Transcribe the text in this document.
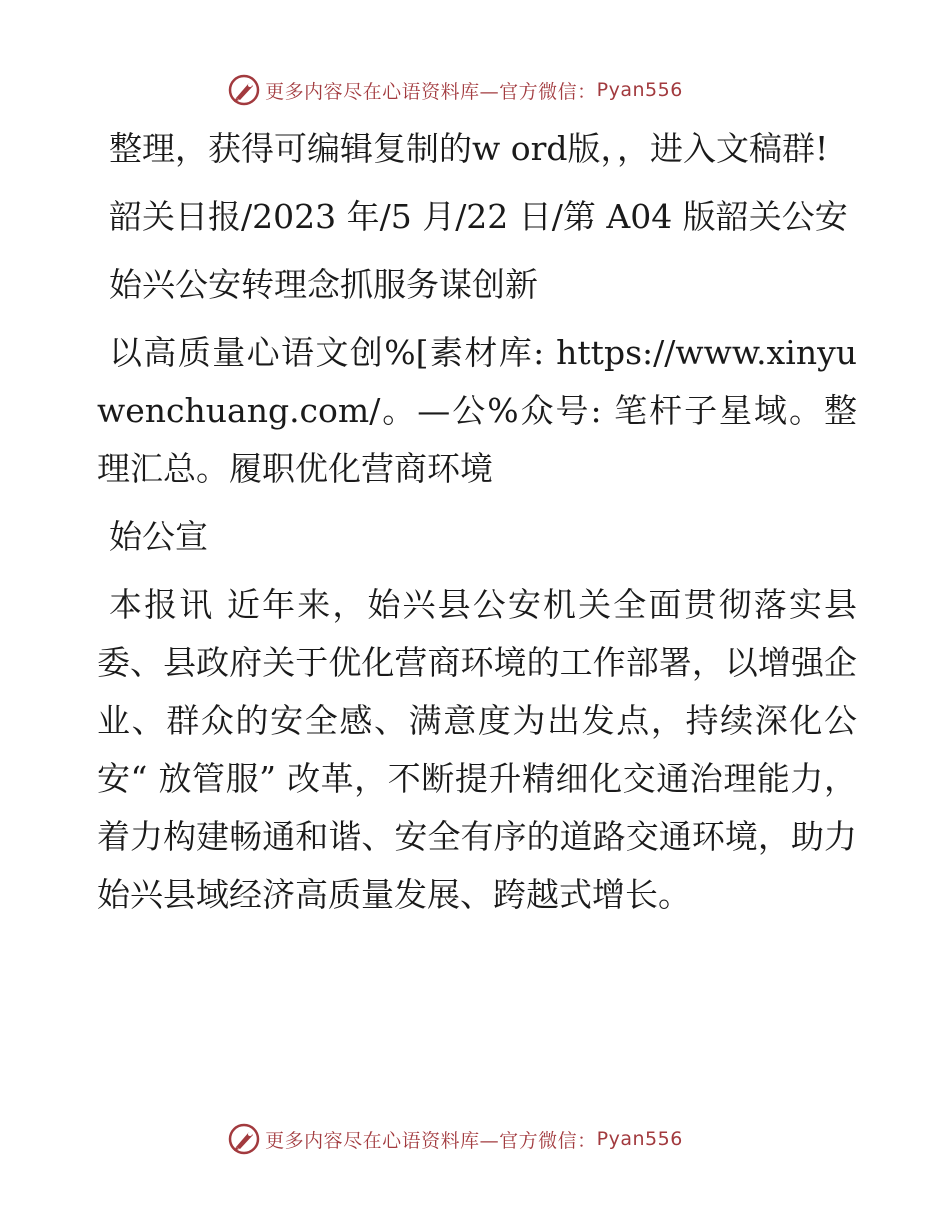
更多内容尽在心语资料库—官方微信： Pyan556

整理，获得可编辑复制的w ord版，，进入文稿群!

韶关日报/2023 年/5 月/22 日/第 A04 版韶关公安

始兴公安转理念抓服务谋创新

以高质量心语文创%[素材库: https://www.xinyuwenchuang.com/。—公%众号: 笔杆子星域。整理汇总。履职优化营商环境

始公宣

本报讯 近年来，始兴县公安机关全面贯彻落实县委、县政府关于优化营商环境的工作部署，以增强企业、群众的安全感、满意度为出发点，持续深化公安“ 放管服” 改革，不断提升精细化交通治理能力，着力构建畅通和谐、安全有序的道路交通环境，助力始兴县域经济高质量发展、跨越式增长。

更多内容尽在心语资料库—官方微信： Pyan556
